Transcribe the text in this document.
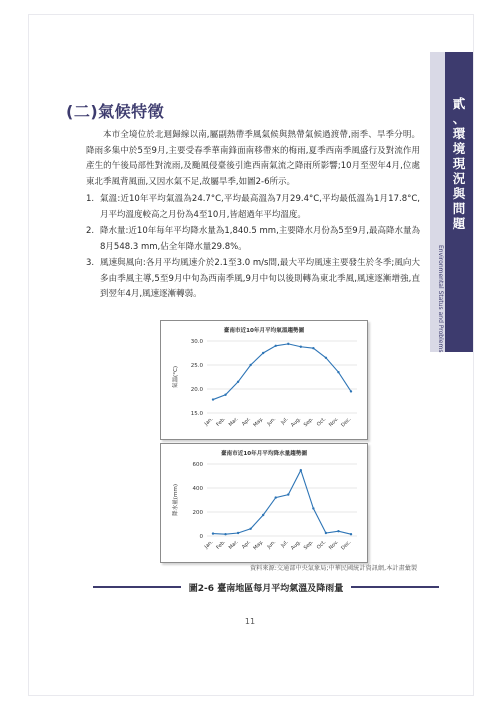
貳
、
環
境
現
況
與
問
題
Environmental Status and Problems
(二)氣候特徵

本市全境位於北迴歸線以南,屬副熱帶季風氣候與熱帶氣候過渡帶,雨季、旱季分明。降雨多集中於5至9月,主要受春季華南鋒面南移帶來的梅雨,夏季西南季風盛行及對流作用產生的午後局部性對流雨,及颱風侵臺後引進西南氣流之降雨所影響;10月至翌年4月,位處東北季風背風面,又因水氣不足,故屬旱季,如圖2-6所示。

1. 氣溫:近10年平均氣溫為24.7°C,平均最高溫為7月29.4°C,平均最低溫為1月17.8°C,月平均溫度較高之月份為4至10月,皆超過年平均溫度。
2. 降水量:近10年每年平均降水量為1,840.5 mm,主要降水月份為5至9月,最高降水量為8月548.3 mm,佔全年降水量29.8%。
3. 風速與風向:各月平均風速介於2.1至3.0 m/s間,最大平均風速主要發生於冬季;風向大多由季風主導,5至9月中旬為西南季風,9月中旬以後則轉為東北季風,風速逐漸增強,直到翌年4月,風速逐漸轉弱。
臺南市近10年月平均氣溫趨勢圖
15.0
20.0
25.0
30.0
氣溫(°C)
Jan. Feb. Mar. Apr. May. Jun. Jul. Aug. Sep. Oct. Nov. Dec.
臺南市近10年月平均降水量趨勢圖
0
200
400
600
降水量(mm)
Jan. Feb. Mar. Apr. May. Jun. Jul. Aug. Sep. Oct. Nov. Dec.
資料來源:交通部中央氣象局;中華民國統計資訊網,本計畫彙製
圖2-6 臺南地區每月平均氣溫及降雨量
11
